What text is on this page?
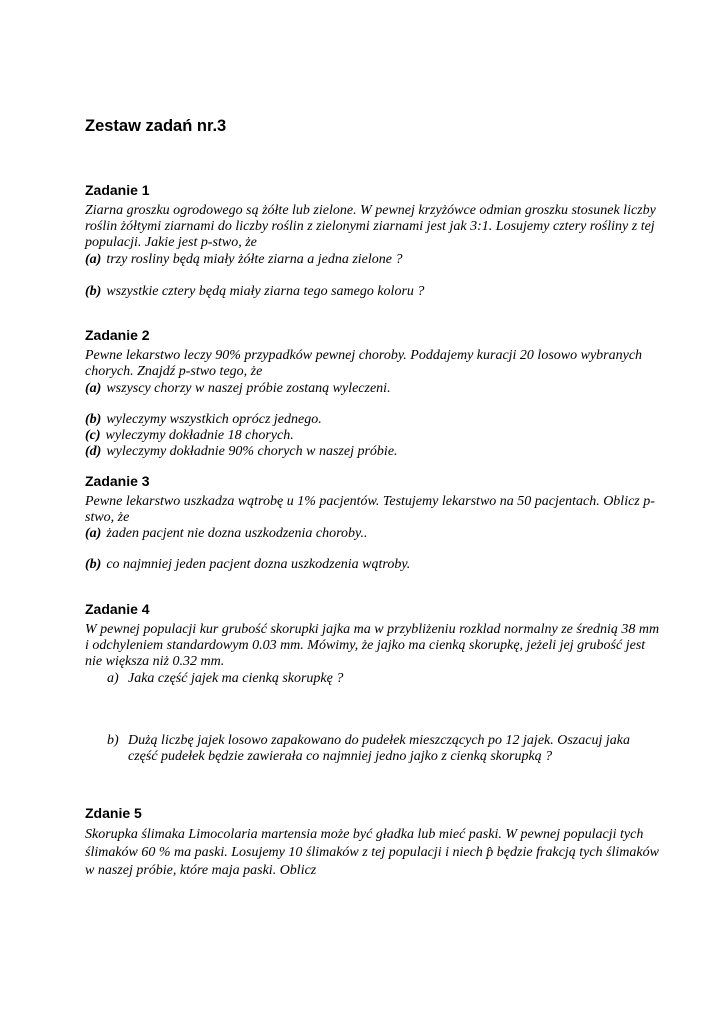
Zestaw zadań nr.3
Zadanie 1
Ziarna groszku ogrodowego są żółte lub zielone. W pewnej krzyżówce odmian groszku stosunek liczby roślin żółtymi ziarnami do liczby roślin z zielonymi ziarnami jest jak 3:1. Losujemy cztery rośliny z tej populacji. Jakie jest p-stwo, że
(a) trzy rosliny będą miały żółte ziarna a jedna zielone ?
(b) wszystkie cztery będą miały ziarna tego samego koloru ?
Zadanie 2
Pewne lekarstwo leczy 90% przypadków pewnej choroby. Poddajemy kuracji 20 losowo wybranych chorych. Znajdź p-stwo tego, że
(a) wszyscy chorzy w naszej próbie zostaną wyleczeni.
(b) wyleczymy wszystkich oprócz jednego.
(c) wyleczymy dokładnie 18 chorych.
(d) wyleczymy dokładnie 90% chorych w naszej próbie.
Zadanie 3
Pewne lekarstwo uszkadza wątrobę u 1% pacjentów. Testujemy lekarstwo na 50 pacjentach. Oblicz p-stwo, że
(a) żaden pacjent nie dozna uszkodzenia choroby..
(b) co najmniej jeden pacjent dozna uszkodzenia wątroby.
Zadanie 4
W pewnej populacji kur grubość skorupki jajka ma w przybliżeniu rozklad normalny ze średnią 38 mm i odchyleniem standardowym 0.03 mm. Mówimy, że jajko ma cienką skorupkę, jeżeli jej grubość jest nie większa niż 0.32 mm.
a) Jaka część jajek ma cienką skorupkę ?
b) Dużą liczbę jajek losowo zapakowano do pudełek mieszczących po 12 jajek. Oszacuj jaka część pudełek będzie zawierała co najmniej jedno jajko z cienką skorupką ?
Zdanie 5
Skorupka ślimaka Limocolaria martensia może być gładka lub mieć paski. W pewnej populacji tych ślimaków 60 % ma paski. Losujemy 10 ślimaków z tej populacji i niech p̂ będzie frakcją tych ślimaków w naszej próbie, które maja paski. Oblicz
